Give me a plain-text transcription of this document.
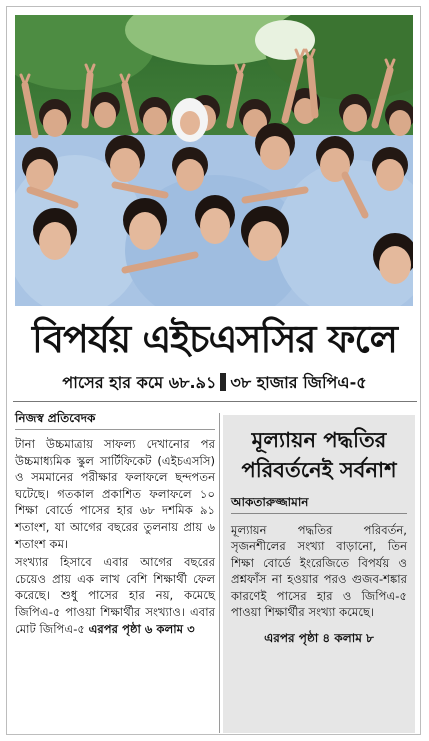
বিপর্যয় এইচএসসির ফলে
পাসের হার কমে ৬৮.৯১ ৩৮ হাজার জিপিএ-৫
নিজস্ব প্রতিবেদক

টানা উচ্চমাত্রায় সাফল্য দেখানোর পর উচ্চমাধ্যমিক স্কুল সার্টিফিকেট (এইচএসসি) ও সমমানের পরীক্ষার ফলাফলে ছন্দপতন ঘটেছে। গতকাল প্রকাশিত ফলাফলে ১০ শিক্ষা বোর্ডে পাসের হার ৬৮ দশমিক ৯১ শতাংশ, যা আগের বছরের তুলনায় প্রায় ৬ শতাংশ কম।

সংখ্যার হিসাবে এবার আগের বছরের চেয়েও প্রায় এক লাখ বেশি শিক্ষার্থী ফেল করেছে। শুধু পাসের হার নয়, কমেছে জিপিএ-৫ পাওয়া শিক্ষার্থীর সংখ্যাও। এবার মোট জিপিএ-৫ এরপর পৃষ্ঠা ৬ কলাম ৩

মূল্যায়ন পদ্ধতির পরিবর্তনেই সর্বনাশ
আকতারুজ্জামান
মূল্যায়ন পদ্ধতির পরিবর্তন, সৃজনশীলের সংখ্যা বাড়ানো, তিন শিক্ষা বোর্ডে ইংরেজিতে বিপর্যয় ও প্রশ্নফাঁস না হওয়ার পরও গুজব-শঙ্কার কারণেই পাসের হার ও জিপিএ-৫ পাওয়া শিক্ষার্থীর সংখ্যা কমেছে।
এরপর পৃষ্ঠা ৪ কলাম ৮
